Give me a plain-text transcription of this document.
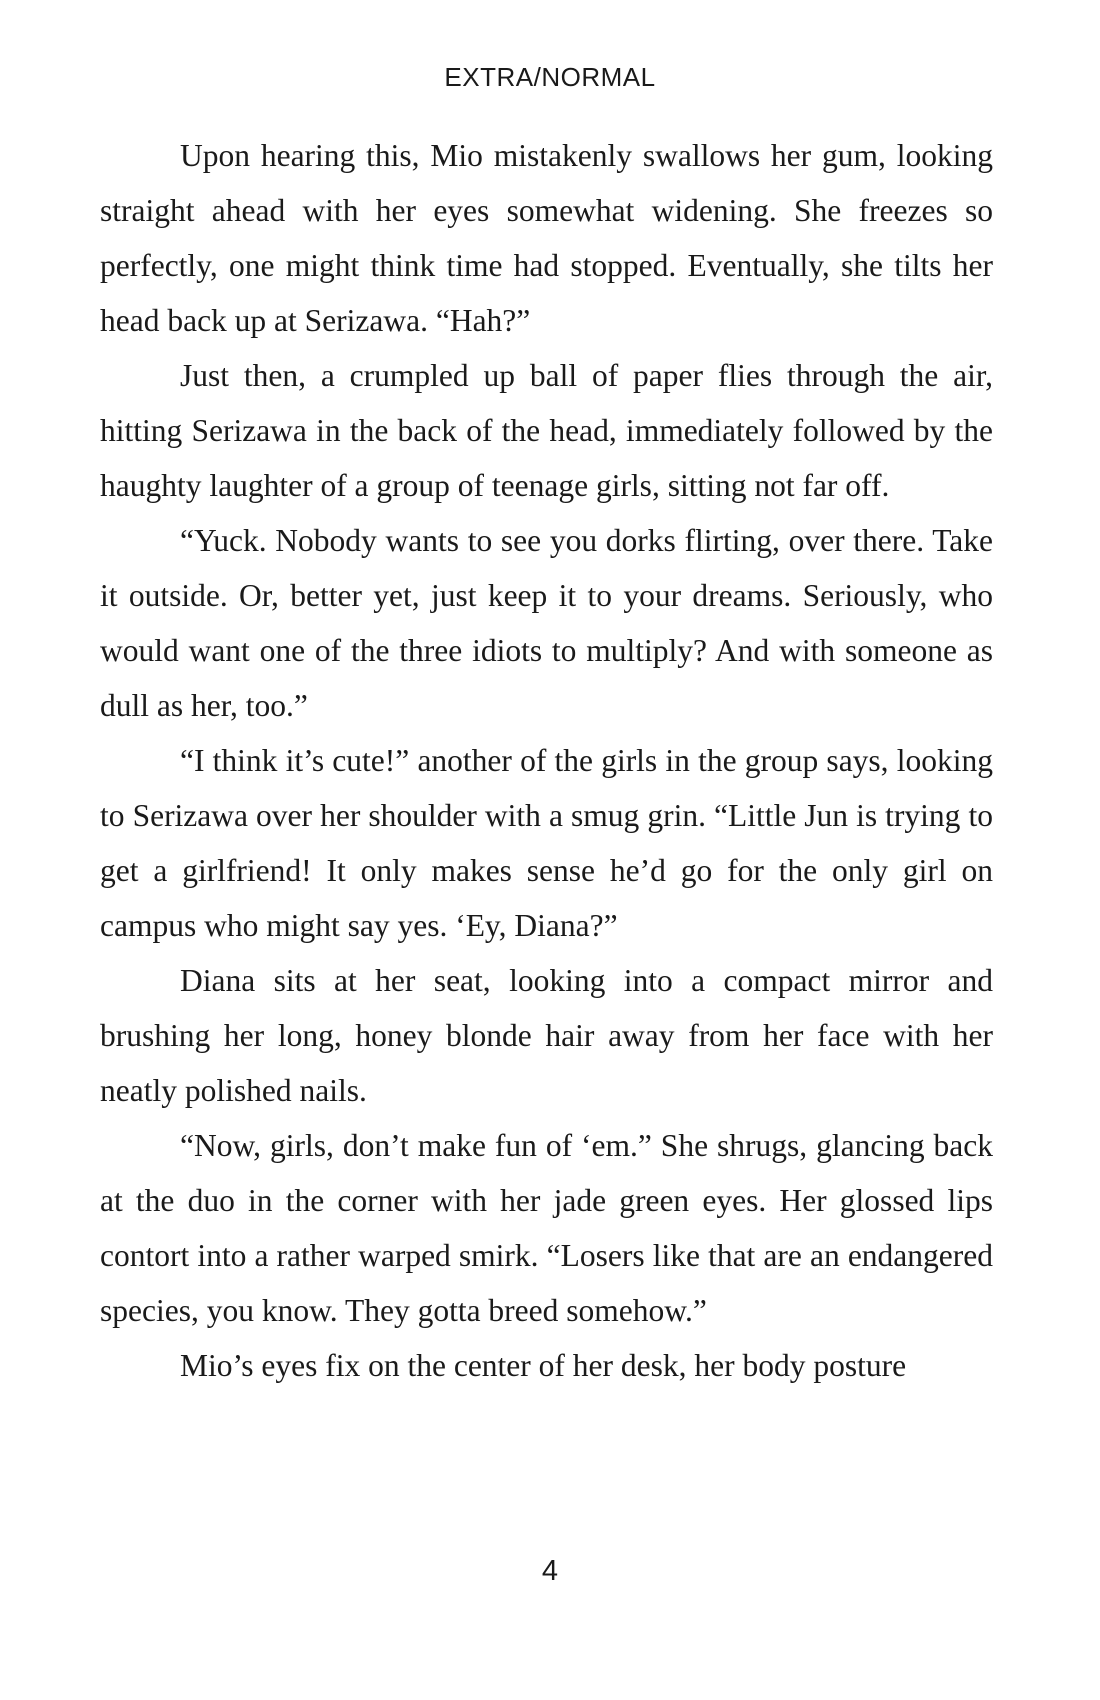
EXTRA/NORMAL

Upon hearing this, Mio mistakenly swallows her gum, looking straight ahead with her eyes somewhat widening. She freezes so perfectly, one might think time had stopped. Eventually, she tilts her head back up at Serizawa. “Hah?”

Just then, a crumpled up ball of paper flies through the air, hitting Serizawa in the back of the head, immediately followed by the haughty laughter of a group of teenage girls, sitting not far off.

“Yuck. Nobody wants to see you dorks flirting, over there. Take it outside. Or, better yet, just keep it to your dreams. Seriously, who would want one of the three idiots to multiply? And with someone as dull as her, too.”

“I think it’s cute!” another of the girls in the group says, looking to Serizawa over her shoulder with a smug grin. “Little Jun is trying to get a girlfriend! It only makes sense he’d go for the only girl on campus who might say yes. ‘Ey, Diana?”

Diana sits at her seat, looking into a compact mirror and brushing her long, honey blonde hair away from her face with her neatly polished nails.

“Now, girls, don’t make fun of ‘em.” She shrugs, glancing back at the duo in the corner with her jade green eyes. Her glossed lips contort into a rather warped smirk. “Losers like that are an endangered species, you know. They gotta breed somehow.”

Mio’s eyes fix on the center of her desk, her body posture

4
